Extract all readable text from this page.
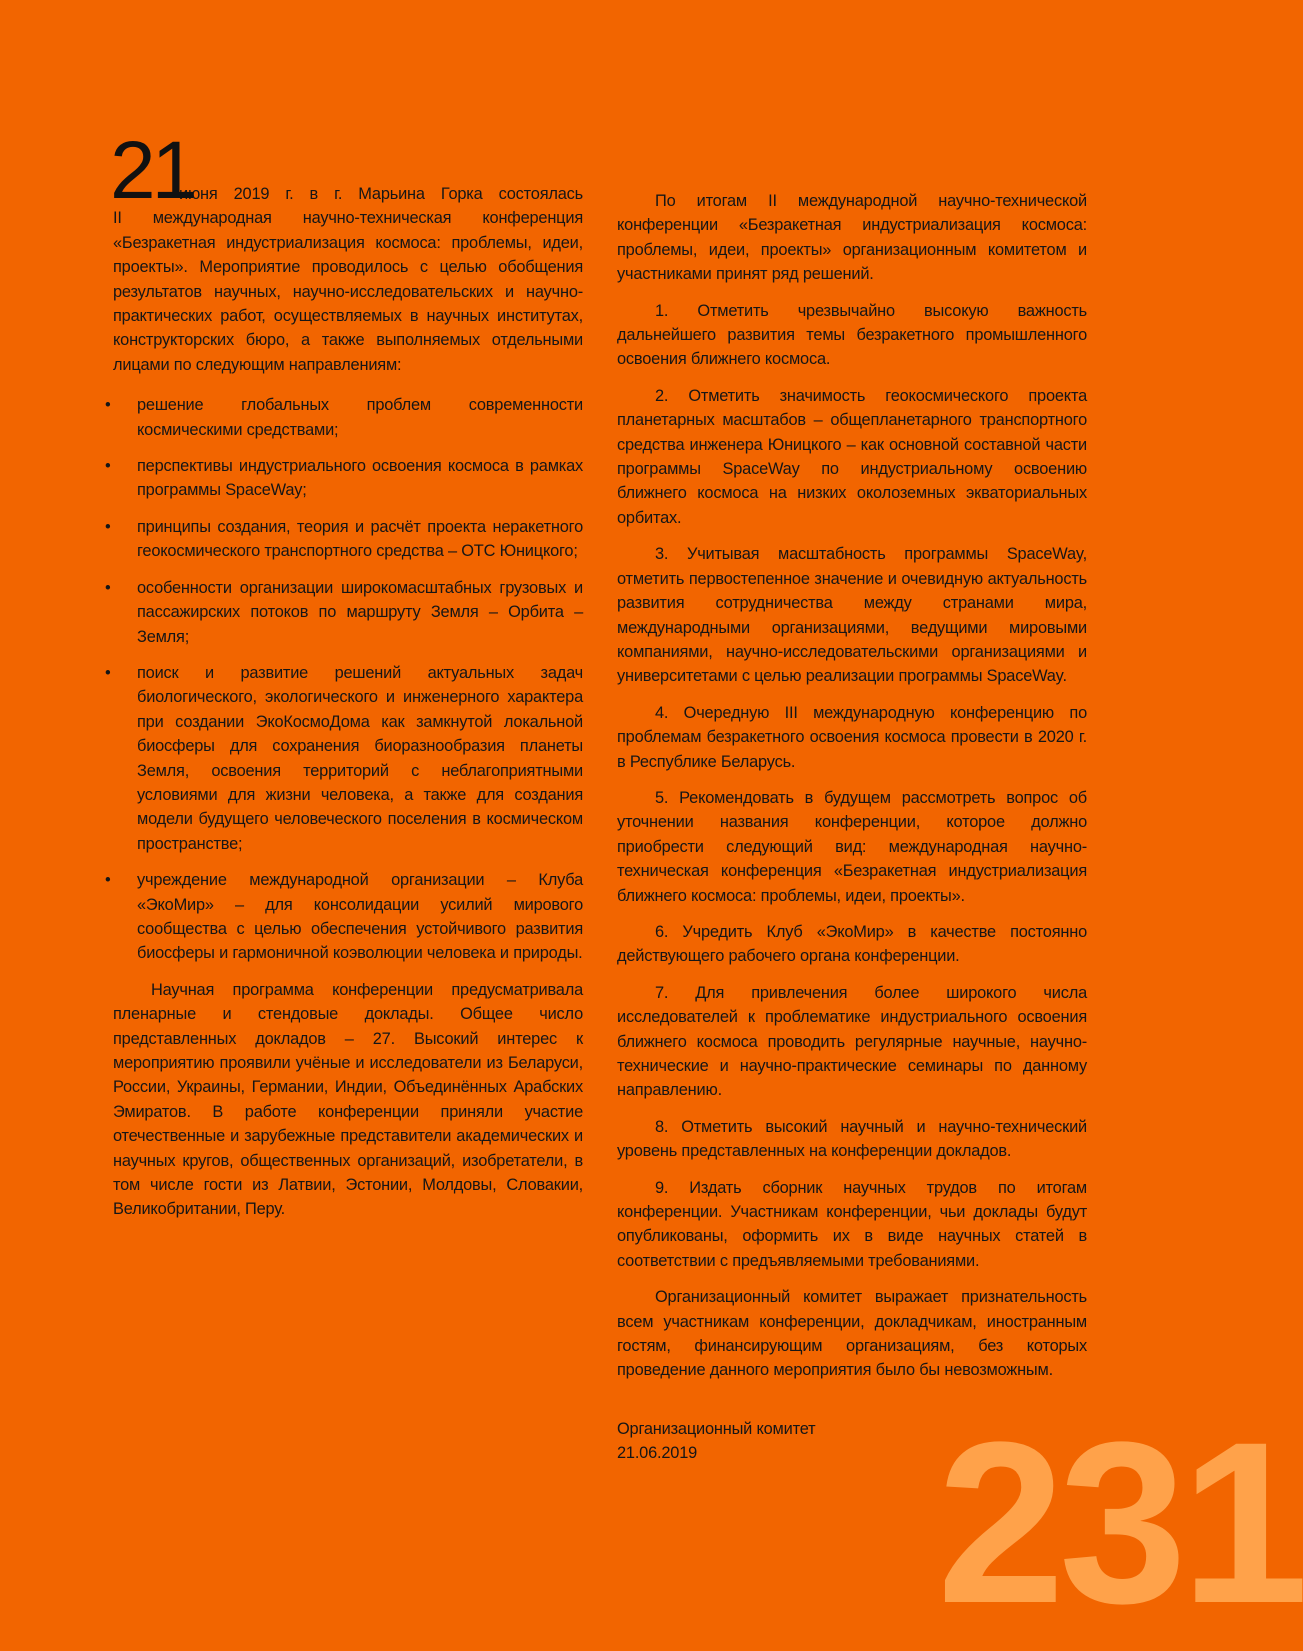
21

июня 2019 г. в г. Марьина Горка состоялась

II международная научно-техническая конференция «Безракетная индустриализация космоса: проблемы, идеи, проекты». Мероприятие проводилось с целью обобщения результатов научных, научно-исследовательских и научно-практических работ, осуществляемых в научных институтах, конструкторских бюро, а также выполняемых отдельными лицами по следующим направлениям:

• решение глобальных проблем современности космическими средствами;
• перспективы индустриального освоения космоса в рамках программы SpaceWay;
• принципы создания, теория и расчёт проекта неракетного геокосмического транспортного средства – ОТС Юницкого;
• особенности организации широкомасштабных грузовых и пассажирских потоков по маршруту Земля – Орбита – Земля;
• поиск и развитие решений актуальных задач биологического, экологического и инженерного характера при создании ЭкоКосмоДома как замкнутой локальной биосферы для сохранения биоразнообразия планеты Земля, освоения территорий с неблагоприятными условиями для жизни человека, а также для создания модели будущего человеческого поселения в космическом пространстве;
• учреждение международной организации – Клуба «ЭкоМир» – для консолидации усилий мирового сообщества с целью обеспечения устойчивого развития биосферы и гармоничной коэволюции человека и природы.

Научная программа конференции предусматривала пленарные и стендовые доклады. Общее число представленных докладов – 27. Высокий интерес к мероприятию проявили учёные и исследователи из Беларуси, России, Украины, Германии, Индии, Объединённых Арабских Эмиратов. В работе конференции приняли участие отечественные и зарубежные представители академических и научных кругов, общественных организаций, изобретатели, в том числе гости из Латвии, Эстонии, Молдовы, Словакии, Великобритании, Перу.

По итогам II международной научно-технической конференции «Безракетная индустриализация космоса: проблемы, идеи, проекты» организационным комитетом и участниками принят ряд решений.

1. Отметить чрезвычайно высокую важность дальнейшего развития темы безракетного промышленного освоения ближнего космоса.

2. Отметить значимость геокосмического проекта планетарных масштабов – общепланетарного транспортного средства инженера Юницкого – как основной составной части программы SpaceWay по индустриальному освоению ближнего космоса на низких околоземных экваториальных орбитах.

3. Учитывая масштабность программы SpaceWay, отметить первостепенное значение и очевидную актуальность развития сотрудничества между странами мира, международными организациями, ведущими мировыми компаниями, научно-исследовательскими организациями и университетами с целью реализации программы SpaceWay.

4. Очередную III международную конференцию по проблемам безракетного освоения космоса провести в 2020 г. в Республике Беларусь.

5. Рекомендовать в будущем рассмотреть вопрос об уточнении названия конференции, которое должно приобрести следующий вид: международная научно-техническая конференция «Безракетная индустриализация ближнего космоса: проблемы, идеи, проекты».

6. Учредить Клуб «ЭкоМир» в качестве постоянно действующего рабочего органа конференции.

7. Для привлечения более широкого числа исследователей к проблематике индустриального освоения ближнего космоса проводить регулярные научные, научно-технические и научно-практические семинары по данному направлению.

8. Отметить высокий научный и научно-технический уровень представленных на конференции докладов.

9. Издать сборник научных трудов по итогам конференции. Участникам конференции, чьи доклады будут опубликованы, оформить их в виде научных статей в соответствии с предъявляемыми требованиями.

Организационный комитет выражает признательность всем участникам конференции, докладчикам, иностранным гостям, финансирующим организациям, без которых проведение данного мероприятия было бы невозможным.

Организационный комитет
21.06.2019	231
